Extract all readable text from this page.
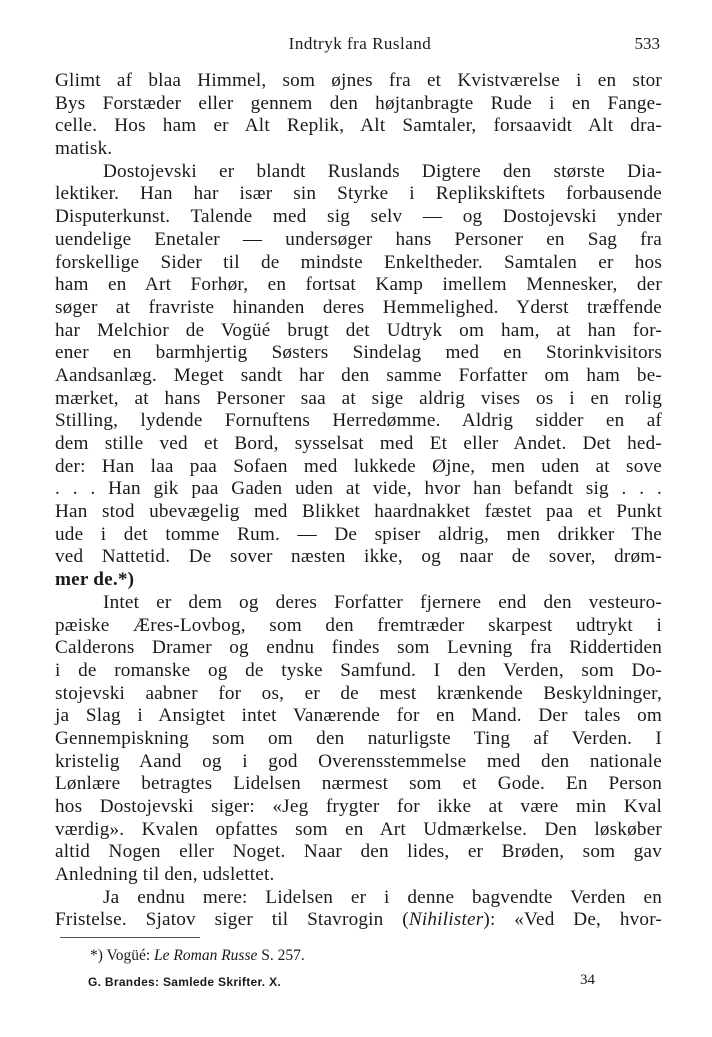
Indtryk fra Rusland	533
Glimt af blaa Himmel, som øjnes fra et Kvistværelse i en stor
Bys Forstæder eller gennem den højtanbragte Rude i en Fange-
celle. Hos ham er Alt Replik, Alt Samtaler, forsaavidt Alt dra-
matisk.
Dostojevski er blandt Ruslands Digtere den største Dia-
lektiker. Han har især sin Styrke i Replikskiftets forbausende
Disputerkunst. Talende med sig selv — og Dostojevski ynder
uendelige Enetaler — undersøger hans Personer en Sag fra
forskellige Sider til de mindste Enkeltheder. Samtalen er hos
ham en Art Forhør, en fortsat Kamp imellem Mennesker, der
søger at fravriste hinanden deres Hemmelighed. Yderst træffende
har Melchior de Vogüé brugt det Udtryk om ham, at han for-
ener en barmhjertig Søsters Sindelag med en Storinkvisitors
Aandsanlæg. Meget sandt har den samme Forfatter om ham be-
mærket, at hans Personer saa at sige aldrig vises os i en rolig
Stilling, lydende Fornuftens Herredømme. Aldrig sidder en af
dem stille ved et Bord, sysselsat med Et eller Andet. Det hed-
der: Han laa paa Sofaen med lukkede Øjne, men uden at sove
. . . Han gik paa Gaden uden at vide, hvor han befandt sig . . .
Han stod ubevægelig med Blikket haardnakket fæstet paa et Punkt
ude i det tomme Rum. — De spiser aldrig, men drikker The
ved Nattetid. De sover næsten ikke, og naar de sover, drøm-
mer de.*)
Intet er dem og deres Forfatter fjernere end den vesteuro-
pæiske Æres-Lovbog, som den fremtræder skarpest udtrykt i
Calderons Dramer og endnu findes som Levning fra Riddertiden
i de romanske og de tyske Samfund. I den Verden, som Do-
stojevski aabner for os, er de mest krænkende Beskyldninger,
ja Slag i Ansigtet intet Vanærende for en Mand. Der tales om
Gennempiskning som om den naturligste Ting af Verden. I
kristelig Aand og i god Overensstemmelse med den nationale
Lønlære betragtes Lidelsen nærmest som et Gode. En Person
hos Dostojevski siger: «Jeg frygter for ikke at være min Kval
værdig». Kvalen opfattes som en Art Udmærkelse. Den løskøber
altid Nogen eller Noget. Naar den lides, er Brøden, som gav
Anledning til den, udslettet.
Ja endnu mere: Lidelsen er i denne bagvendte Verden en
Fristelse. Sjatov siger til Stavrogin (Nihilister): «Ved De, hvor-
*) Vogüé: Le Roman Russe S. 257.
G. Brandes: Samlede Skrifter. X.	34
